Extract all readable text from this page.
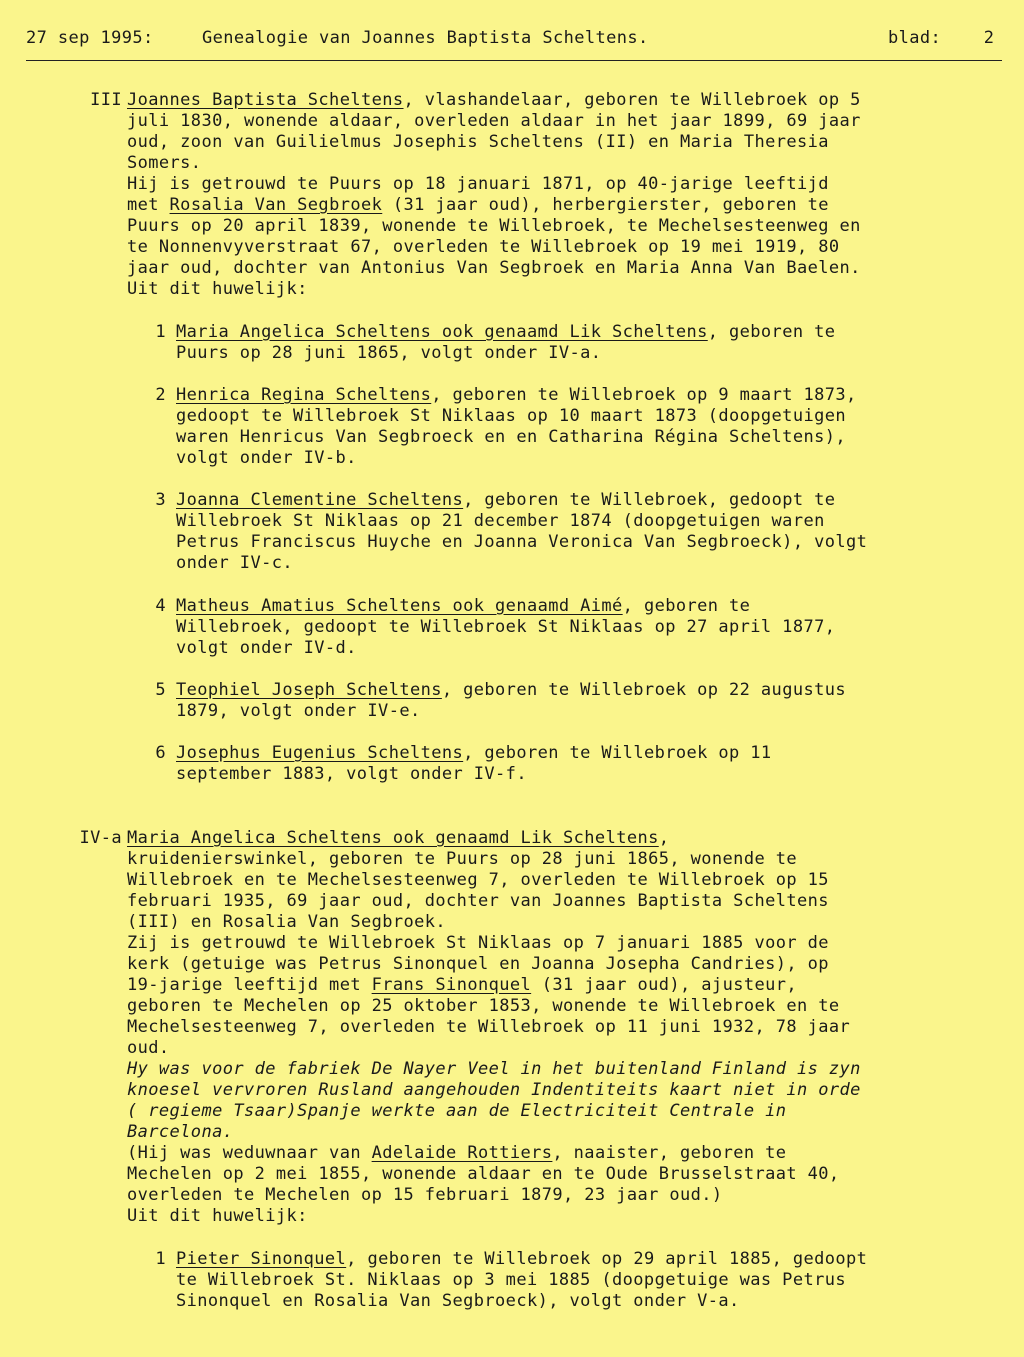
27 sep 1995:

	Genealogie van Joannes Baptista Scheltens.

	blad:	2

III Joannes Baptista Scheltens, vlashandelaar, geboren te Willebroek op 5
juli 1830, wonende aldaar, overleden aldaar in het jaar 1899, 69 jaar
oud, zoon van Guilielmus Josephis Scheltens (II) en Maria Theresia
Somers.
Hij is getrouwd te Puurs op 18 januari 1871, op 40-jarige leeftijd
met Rosalia Van Segbroek (31 jaar oud), herbergierster, geboren te
Puurs op 20 april 1839, wonende te Willebroek, te Mechelsesteenweg en
te Nonnenvyverstraat 67, overleden te Willebroek op 19 mei 1919, 80
jaar oud, dochter van Antonius Van Segbroek en Maria Anna Van Baelen.
Uit dit huwelijk:
1 Maria Angelica Scheltens ook genaamd Lik Scheltens, geboren te
Puurs op 28 juni 1865, volgt onder IV-a.
2 Henrica Regina Scheltens, geboren te Willebroek op 9 maart 1873,
gedoopt te Willebroek St Niklaas op 10 maart 1873 (doopgetuigen
waren Henricus Van Segbroeck en en Catharina Régina Scheltens),
volgt onder IV-b.
3 Joanna Clementine Scheltens, geboren te Willebroek, gedoopt te
Willebroek St Niklaas op 21 december 1874 (doopgetuigen waren
Petrus Franciscus Huyche en Joanna Veronica Van Segbroeck), volgt
onder IV-c.
4 Matheus Amatius Scheltens ook genaamd Aimé, geboren te
Willebroek, gedoopt te Willebroek St Niklaas op 27 april 1877,
volgt onder IV-d.
5 Teophiel Joseph Scheltens, geboren te Willebroek op 22 augustus
1879, volgt onder IV-e.
6 Josephus Eugenius Scheltens, geboren te Willebroek op 11
september 1883, volgt onder IV-f.
IV-a Maria Angelica Scheltens ook genaamd Lik Scheltens,
kruidenierswinkel, geboren te Puurs op 28 juni 1865, wonende te
Willebroek en te Mechelsesteenweg 7, overleden te Willebroek op 15
februari 1935, 69 jaar oud, dochter van Joannes Baptista Scheltens
(III) en Rosalia Van Segbroek.
Zij is getrouwd te Willebroek St Niklaas op 7 januari 1885 voor de
kerk (getuige was Petrus Sinonquel en Joanna Josepha Candries), op
19-jarige leeftijd met Frans Sinonquel (31 jaar oud), ajusteur,
geboren te Mechelen op 25 oktober 1853, wonende te Willebroek en te
Mechelsesteenweg 7, overleden te Willebroek op 11 juni 1932, 78 jaar
oud.
Hy was voor de fabriek De Nayer Veel in het buitenland Finland is zyn
knoesel vervroren Rusland aangehouden Indentiteits kaart niet in orde
( regieme Tsaar)Spanje werkte aan de Electriciteit Centrale in
Barcelona.
(Hij was weduwnaar van Adelaide Rottiers, naaister, geboren te
Mechelen op 2 mei 1855, wonende aldaar en te Oude Brusselstraat 40,
overleden te Mechelen op 15 februari 1879, 23 jaar oud.)
Uit dit huwelijk:
1 Pieter Sinonquel, geboren te Willebroek op 29 april 1885, gedoopt
te Willebroek St. Niklaas op 3 mei 1885 (doopgetuige was Petrus
Sinonquel en Rosalia Van Segbroeck), volgt onder V-a.
